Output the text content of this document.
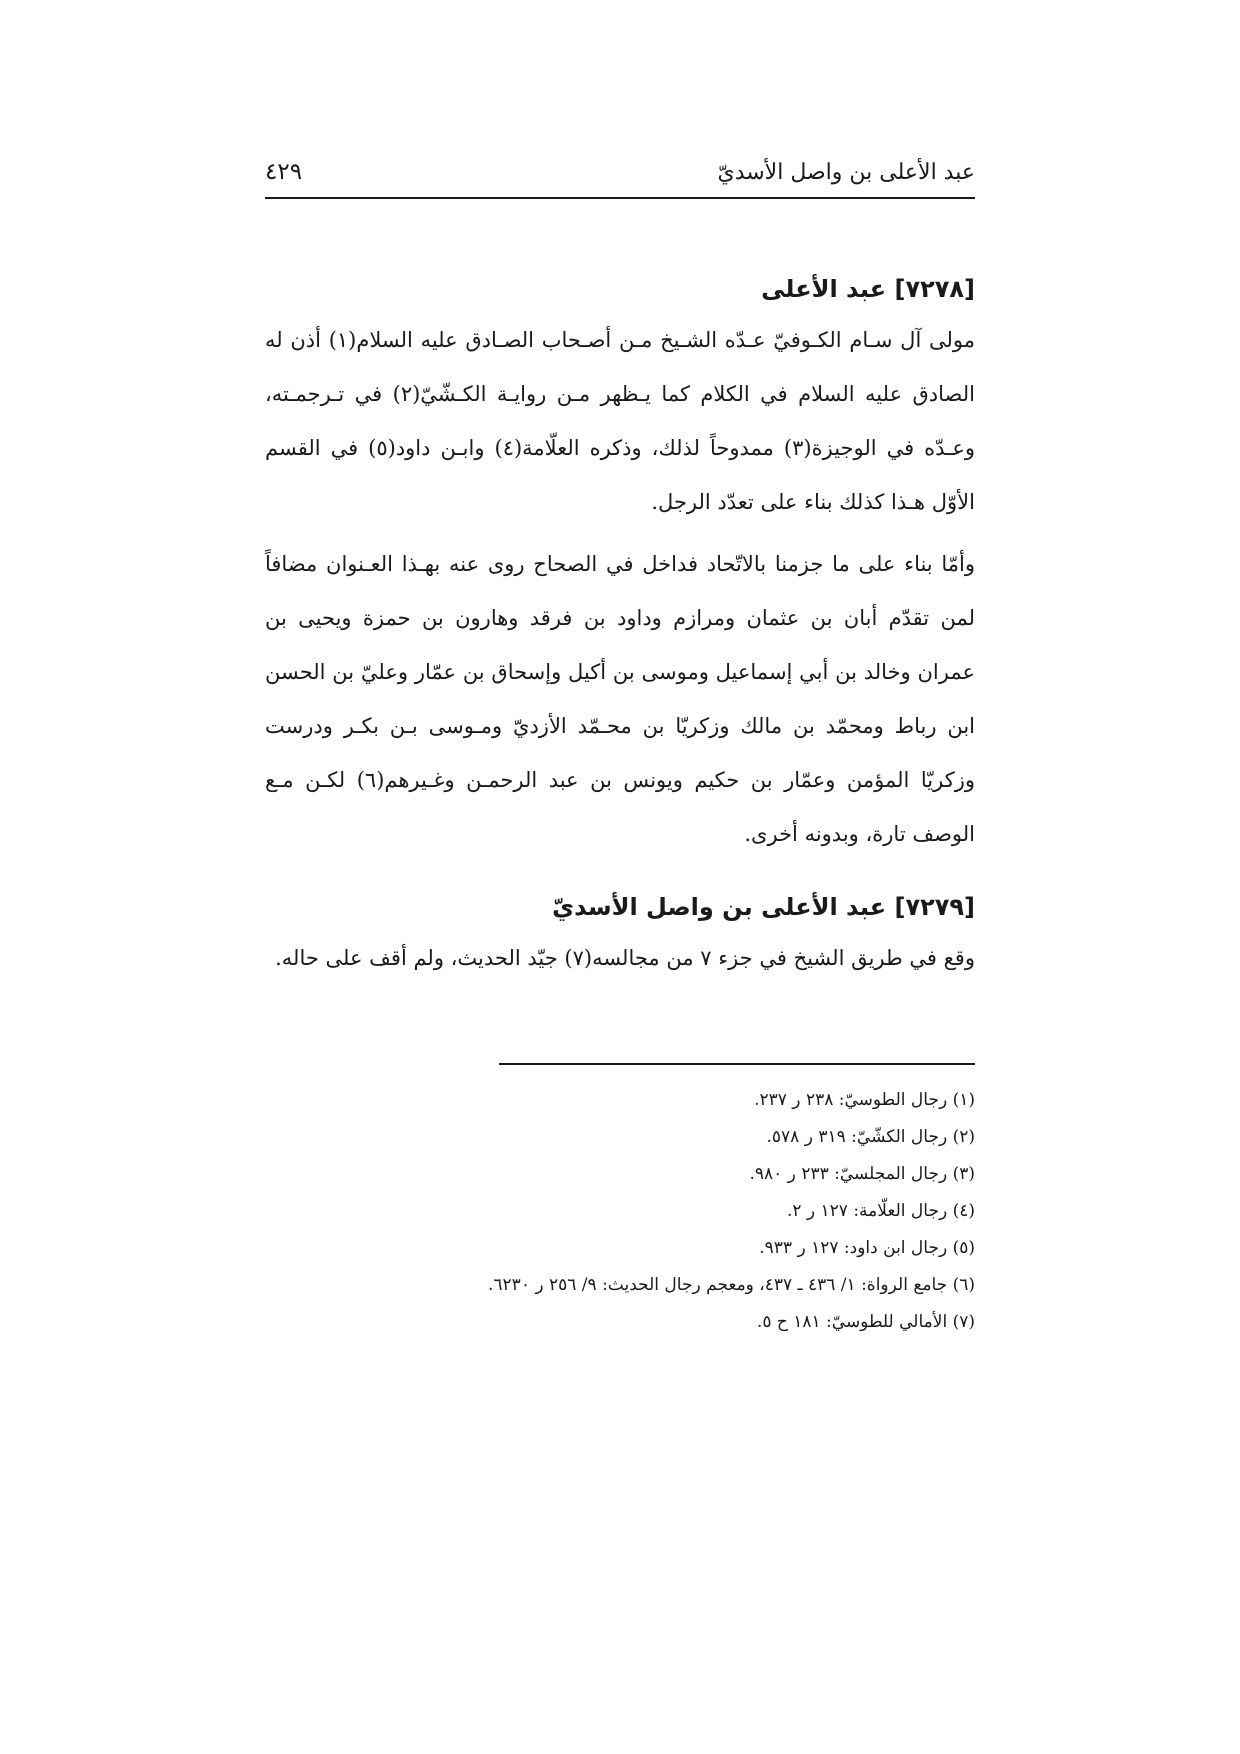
عبد الأعلى بن واصل الأسديّ
٤٢٩
[٧٢٧٨] عبد الأعلى

مولى آل سـام الكـوفيّ عـدّه الشـيخ مـن أصـحاب الصـادق عليه السلام(١) أذن له الصادق عليه السلام في الكلام كما يـظهر مـن روايـة الكـشّيّ(٢) في تـرجمـته، وعـدّه في الوجيزة(٣) ممدوحاً لذلك، وذكره العلّامة(٤) وابـن داود(٥) في القسم الأوّل هـذا كذلك بناء على تعدّد الرجل.

وأمّا بناء على ما جزمنا بالاتّحاد فداخل في الصحاح روى عنه بهـذا العـنوان مضافاً لمن تقدّم أبان بن عثمان ومرازم وداود بن فرقد وهارون بن حمزة ويحيى بن عمران وخالد بن أبي إسماعيل وموسى بن أكيل وإسحاق بن عمّار وعليّ بن الحسن ابن رباط ومحمّد بن مالك وزكريّا بن محـمّد الأزديّ ومـوسى بـن بكـر ودرست وزكريّا المؤمن وعمّار بن حكيم ويونس بن عبد الرحمـن وغـيرهم(٦) لكـن مـع الوصف تارة، وبدونه أخرى.

[٧٢٧٩] عبد الأعلى بن واصل الأسديّ

وقع في طريق الشيخ في جزء ٧ من مجالسه(٧) جيّد الحديث، ولم أقف على حاله.

(١) رجال الطوسيّ: ٢٣٨ ر ٢٣٧.
(٢) رجال الكشّيّ: ٣١٩ ر ٥٧٨.
(٣) رجال المجلسيّ: ٢٣٣ ر ٩٨٠.
(٤) رجال العلّامة: ١٢٧ ر ٢.
(٥) رجال ابن داود: ١٢٧ ر ٩٣٣.
(٦) جامع الرواة: ١/ ٤٣٦ ـ ٤٣٧، ومعجم رجال الحديث: ٩/ ٢٥٦ ر ٦٢٣٠.
(٧) الأمالي للطوسيّ: ١٨١ ح ٥.
